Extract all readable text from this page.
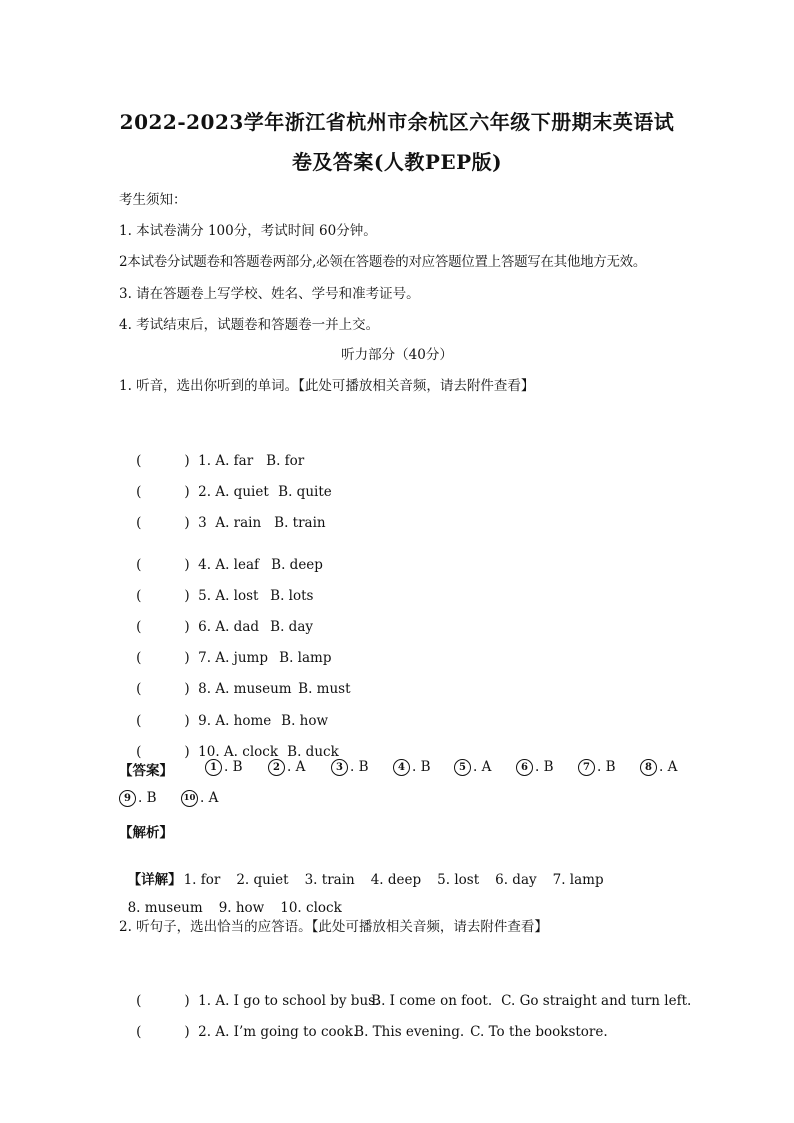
2022-2023学年浙江省杭州市余杭区六年级下册期末英语试
卷及答案(人教PEP版)
考生须知：
1. 本试卷满分 100分，考试时间 60分钟。
2本试卷分试题卷和答题卷两部分,必领在答题卷的对应答题位置上答题写在其他地方无效。
3. 请在答题卷上写学校、姓名、学号和准考证号。
4. 考试结束后，试题卷和答题卷一并上交。
听力部分（40分）
1. 听音，选出你听到的单词。【此处可播放相关音频，请去附件查看】

(          ) 1. A. far B. for

(          ) 2. A. quiet B. quite

(          ) 3  A. rain B. train

(          ) 4. A. leaf B. deep

(          ) 5. A. lost B. lots

(          ) 6. A. dad B. day

(          ) 7. A. jump B. lamp

(          ) 8. A. museum B. must

(          ) 9. A. home B. how

(          ) 10. A. clock B. duck

【答案】	1 . B	2 . A	3 . B	4 . B	5 . A	6 . B	7 . B	8 . A
9 . B	10 . A
【解析】

【详解】 1. for 2. quiet 3. train 4. deep 5. lost 6. day 7. lamp

8. museum 9. how 10. clock

2. 听句子，选出恰当的应答语。【此处可播放相关音频，请去附件查看】

(          ) 1. A. I go to school by bus.B. I come on foot. C. Go straight and turn left.

(          ) 2. A. I’m going to cook.B. This evening. C. To the bookstore.
